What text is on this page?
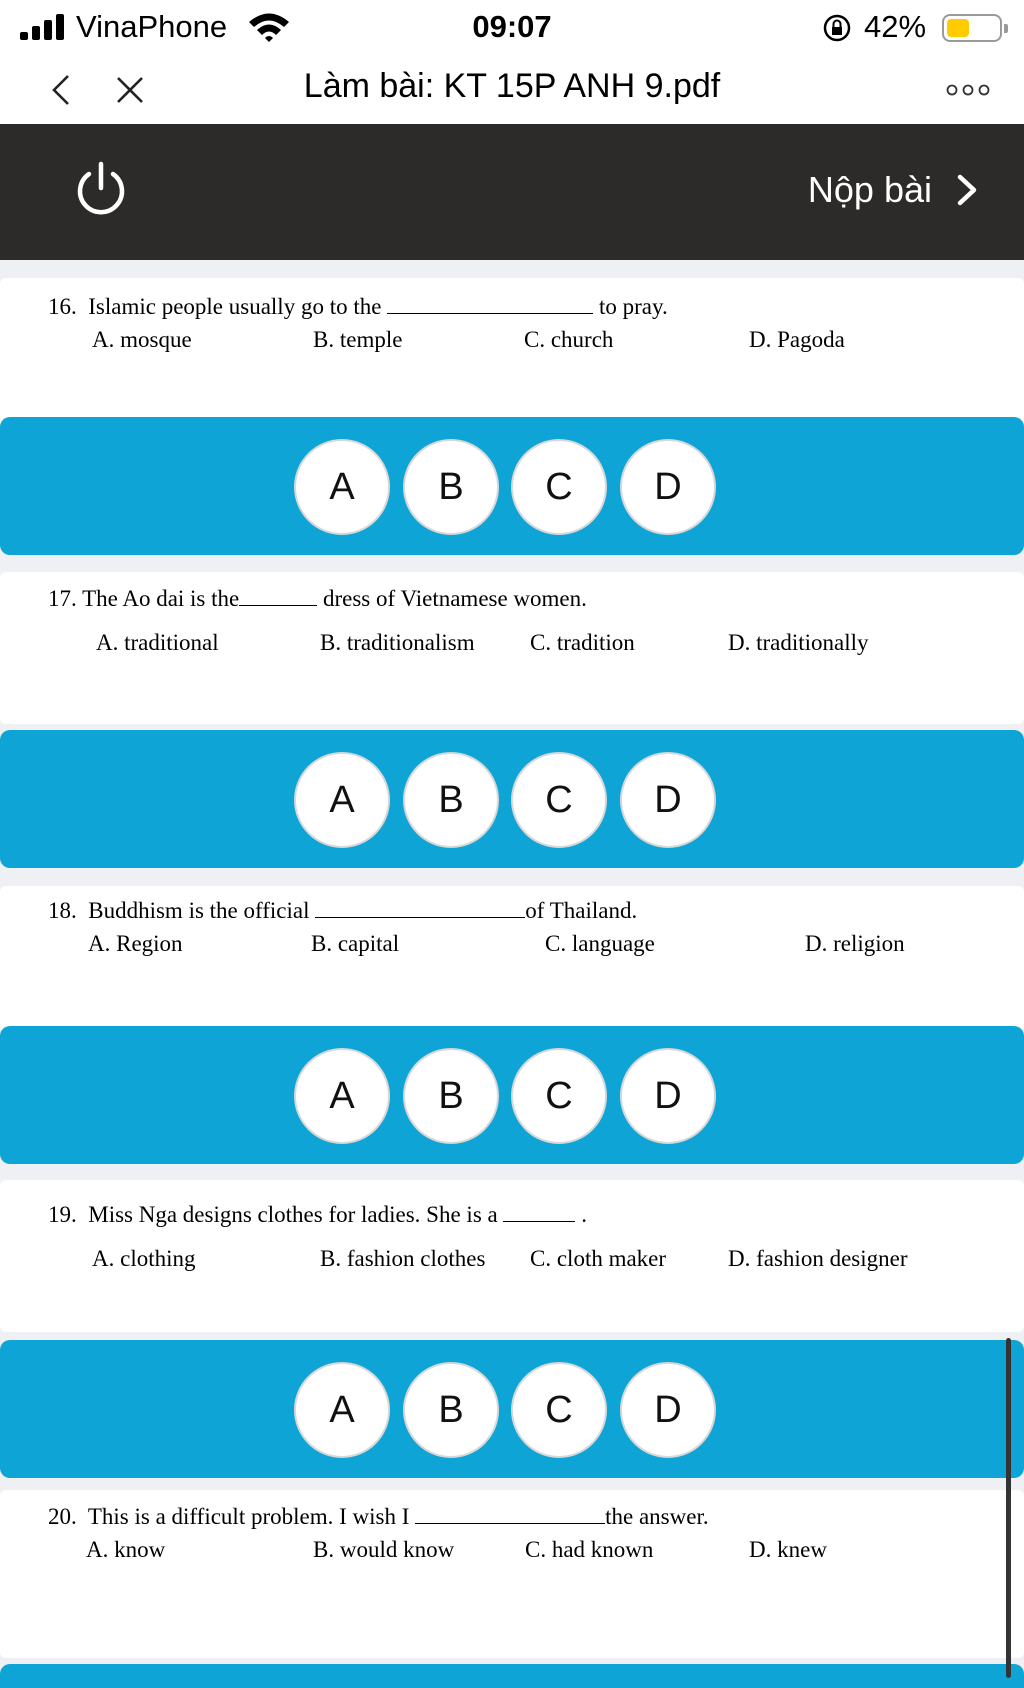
VinaPhone	09:07	42%
Làm bài: KT 15P ANH 9.pdf
Nộp bài
16. Islamic people usually go to the	to pray.
A. mosque	B. temple	C. church	D. Pagoda
A	B	C	D
17. The Ao dai is the	dress of Vietnamese women.
A. traditional	B. traditionalism C. tradition	D. traditionally
A	B	C	D
18. Buddhism is the official	of Thailand.
A. Region	B. capital	C. language	D. religion
A	B	C	D
19. Miss Nga designs clothes for ladies. She is a	.
A. clothing	B. fashion clothes C. cloth maker	D. fashion designer
A	B	C	D
20. This is a difficult problem. I wish I	the answer.
A. know	B. would know	C. had known	D. knew
